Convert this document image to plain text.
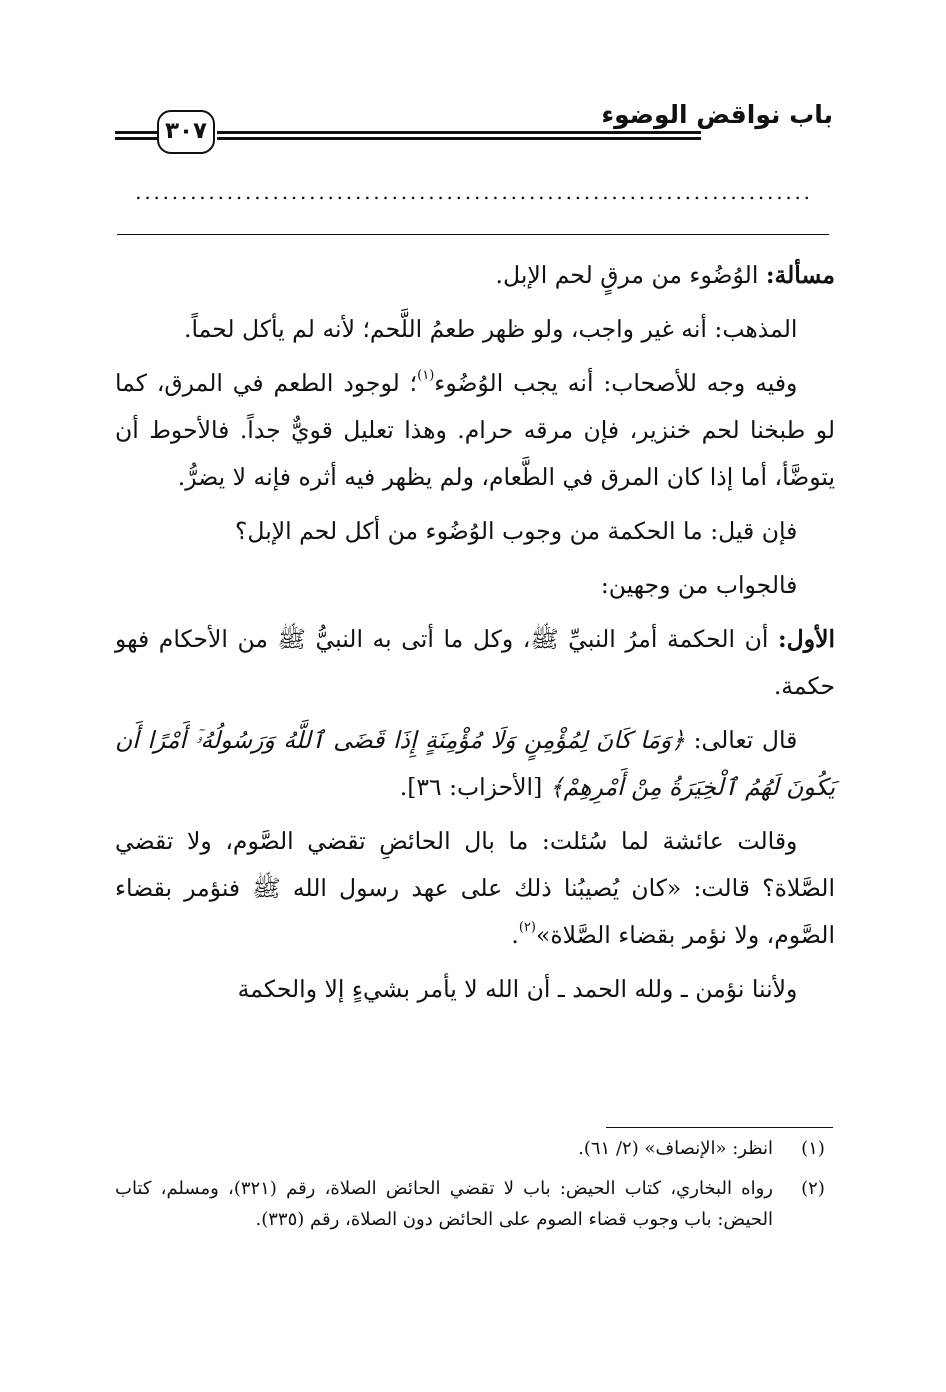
باب نواقض الوضوء
٣٠٧
..........................................................................

مسألة: الوُضُوء من مرقٍ لحم الإبل.

المذهب: أنه غير واجب، ولو ظهر طعمُ اللَّحم؛ لأنه لم يأكل لحماً.

وفيه وجه للأصحاب: أنه يجب الوُضُوء$^{(١)}$؛ لوجود الطعم في المرق، كما لو طبخنا لحم خنزير، فإن مرقه حرام. وهذا تعليل قويٌّ جداً. فالأحوط أن يتوضَّأ، أما إذا كان المرق في الطَّعام، ولم يظهر فيه أثره فإنه لا يضرُّ.

فإن قيل: ما الحكمة من وجوب الوُضُوء من أكل لحم الإبل؟

فالجواب من وجهين:

الأول: أن الحكمة أمرُ النبيِّ ﷺ، وكل ما أتى به النبيُّ ﷺ من الأحكام فهو حكمة.

قال تعالى: ﴿وَمَا كَانَ لِمُؤْمِنٍ وَلَا مُؤْمِنَةٍ إِذَا قَضَى ٱللَّهُ وَرَسُولُهُۥٓ أَمْرًا أَن يَكُونَ لَهُمُ ٱلْخِيَرَةُ مِنْ أَمْرِهِمْ﴾ [الأحزاب: ٣٦].

وقالت عائشة لما سُئلت: ما بال الحائضِ تقضي الصَّوم، ولا تقضي الصَّلاة؟ قالت: «كان يُصيبُنا ذلك على عهد رسول الله ﷺ فنؤمر بقضاء الصَّوم، ولا نؤمر بقضاء الصَّلاة»$^{(٢)}$.

ولأننا نؤمن ـ ولله الحمد ـ أن الله لا يأمر بشيءٍ إلا والحكمة

(١)
انظر: «الإنصاف» (٢/ ٦١).
(٢)
رواه البخاري، كتاب الحيض: باب لا تقضي الحائض الصلاة، رقم (٣٢١)، ومسلم، كتاب الحيض: باب وجوب قضاء الصوم على الحائض دون الصلاة، رقم (٣٣٥).
